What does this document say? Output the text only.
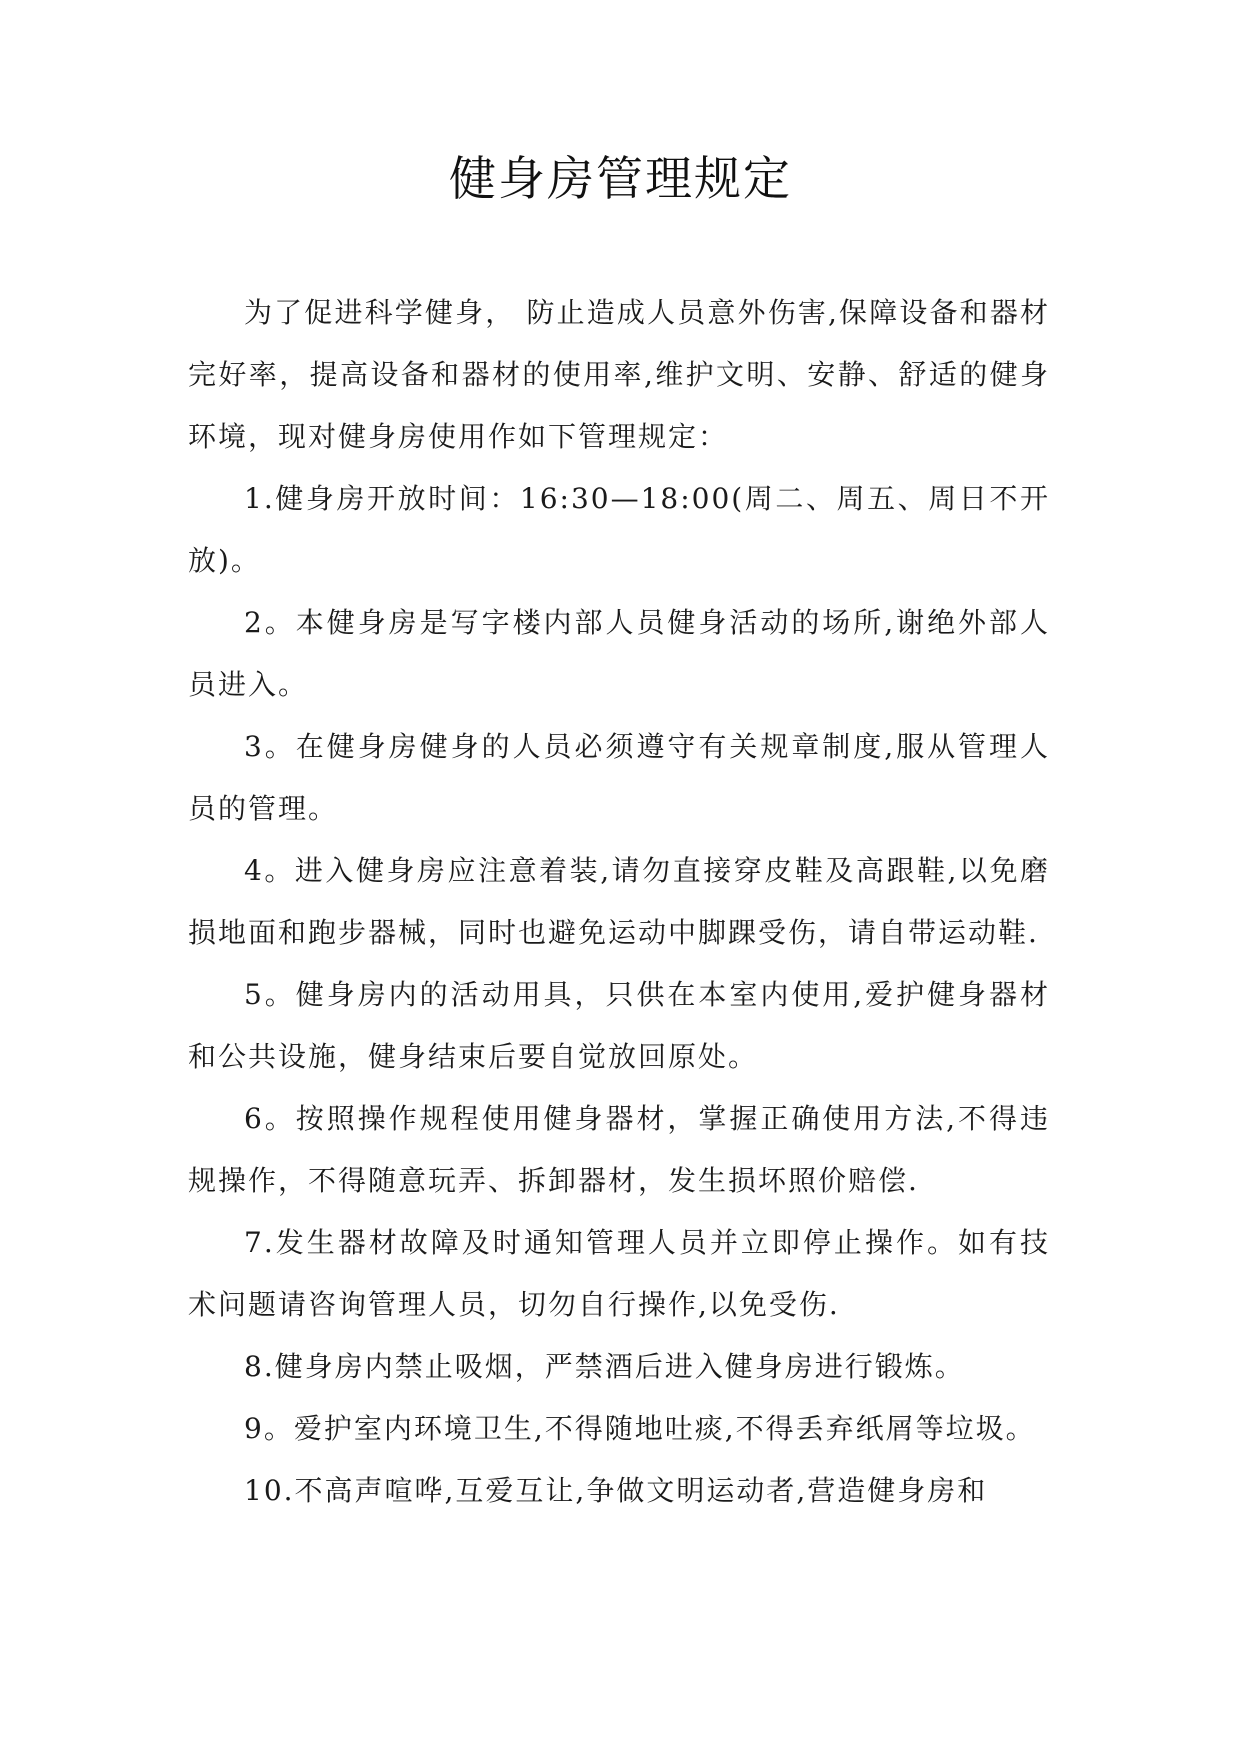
健身房管理规定

为了促进科学健身， 防止造成人员意外伤害,保障设备和器材完好率，提高设备和器材的使用率,维护文明、安静、舒适的健身环境，现对健身房使用作如下管理规定：

1.健身房开放时间：16:30—18:00(周二、周五、周日不开放)。

2。本健身房是写字楼内部人员健身活动的场所,谢绝外部人员进入。

3。在健身房健身的人员必须遵守有关规章制度,服从管理人员的管理。

4。进入健身房应注意着装,请勿直接穿皮鞋及高跟鞋,以免磨损地面和跑步器械，同时也避免运动中脚踝受伤，请自带运动鞋.

5。健身房内的活动用具，只供在本室内使用,爱护健身器材和公共设施，健身结束后要自觉放回原处。

6。按照操作规程使用健身器材，掌握正确使用方法,不得违规操作，不得随意玩弄、拆卸器材，发生损坏照价赔偿.

7.发生器材故障及时通知管理人员并立即停止操作。如有技术问题请咨询管理人员，切勿自行操作,以免受伤.

8.健身房内禁止吸烟，严禁酒后进入健身房进行锻炼。

9。爱护室内环境卫生,不得随地吐痰,不得丢弃纸屑等垃圾。

10.不高声喧哗,互爱互让,争做文明运动者,营造健身房和
